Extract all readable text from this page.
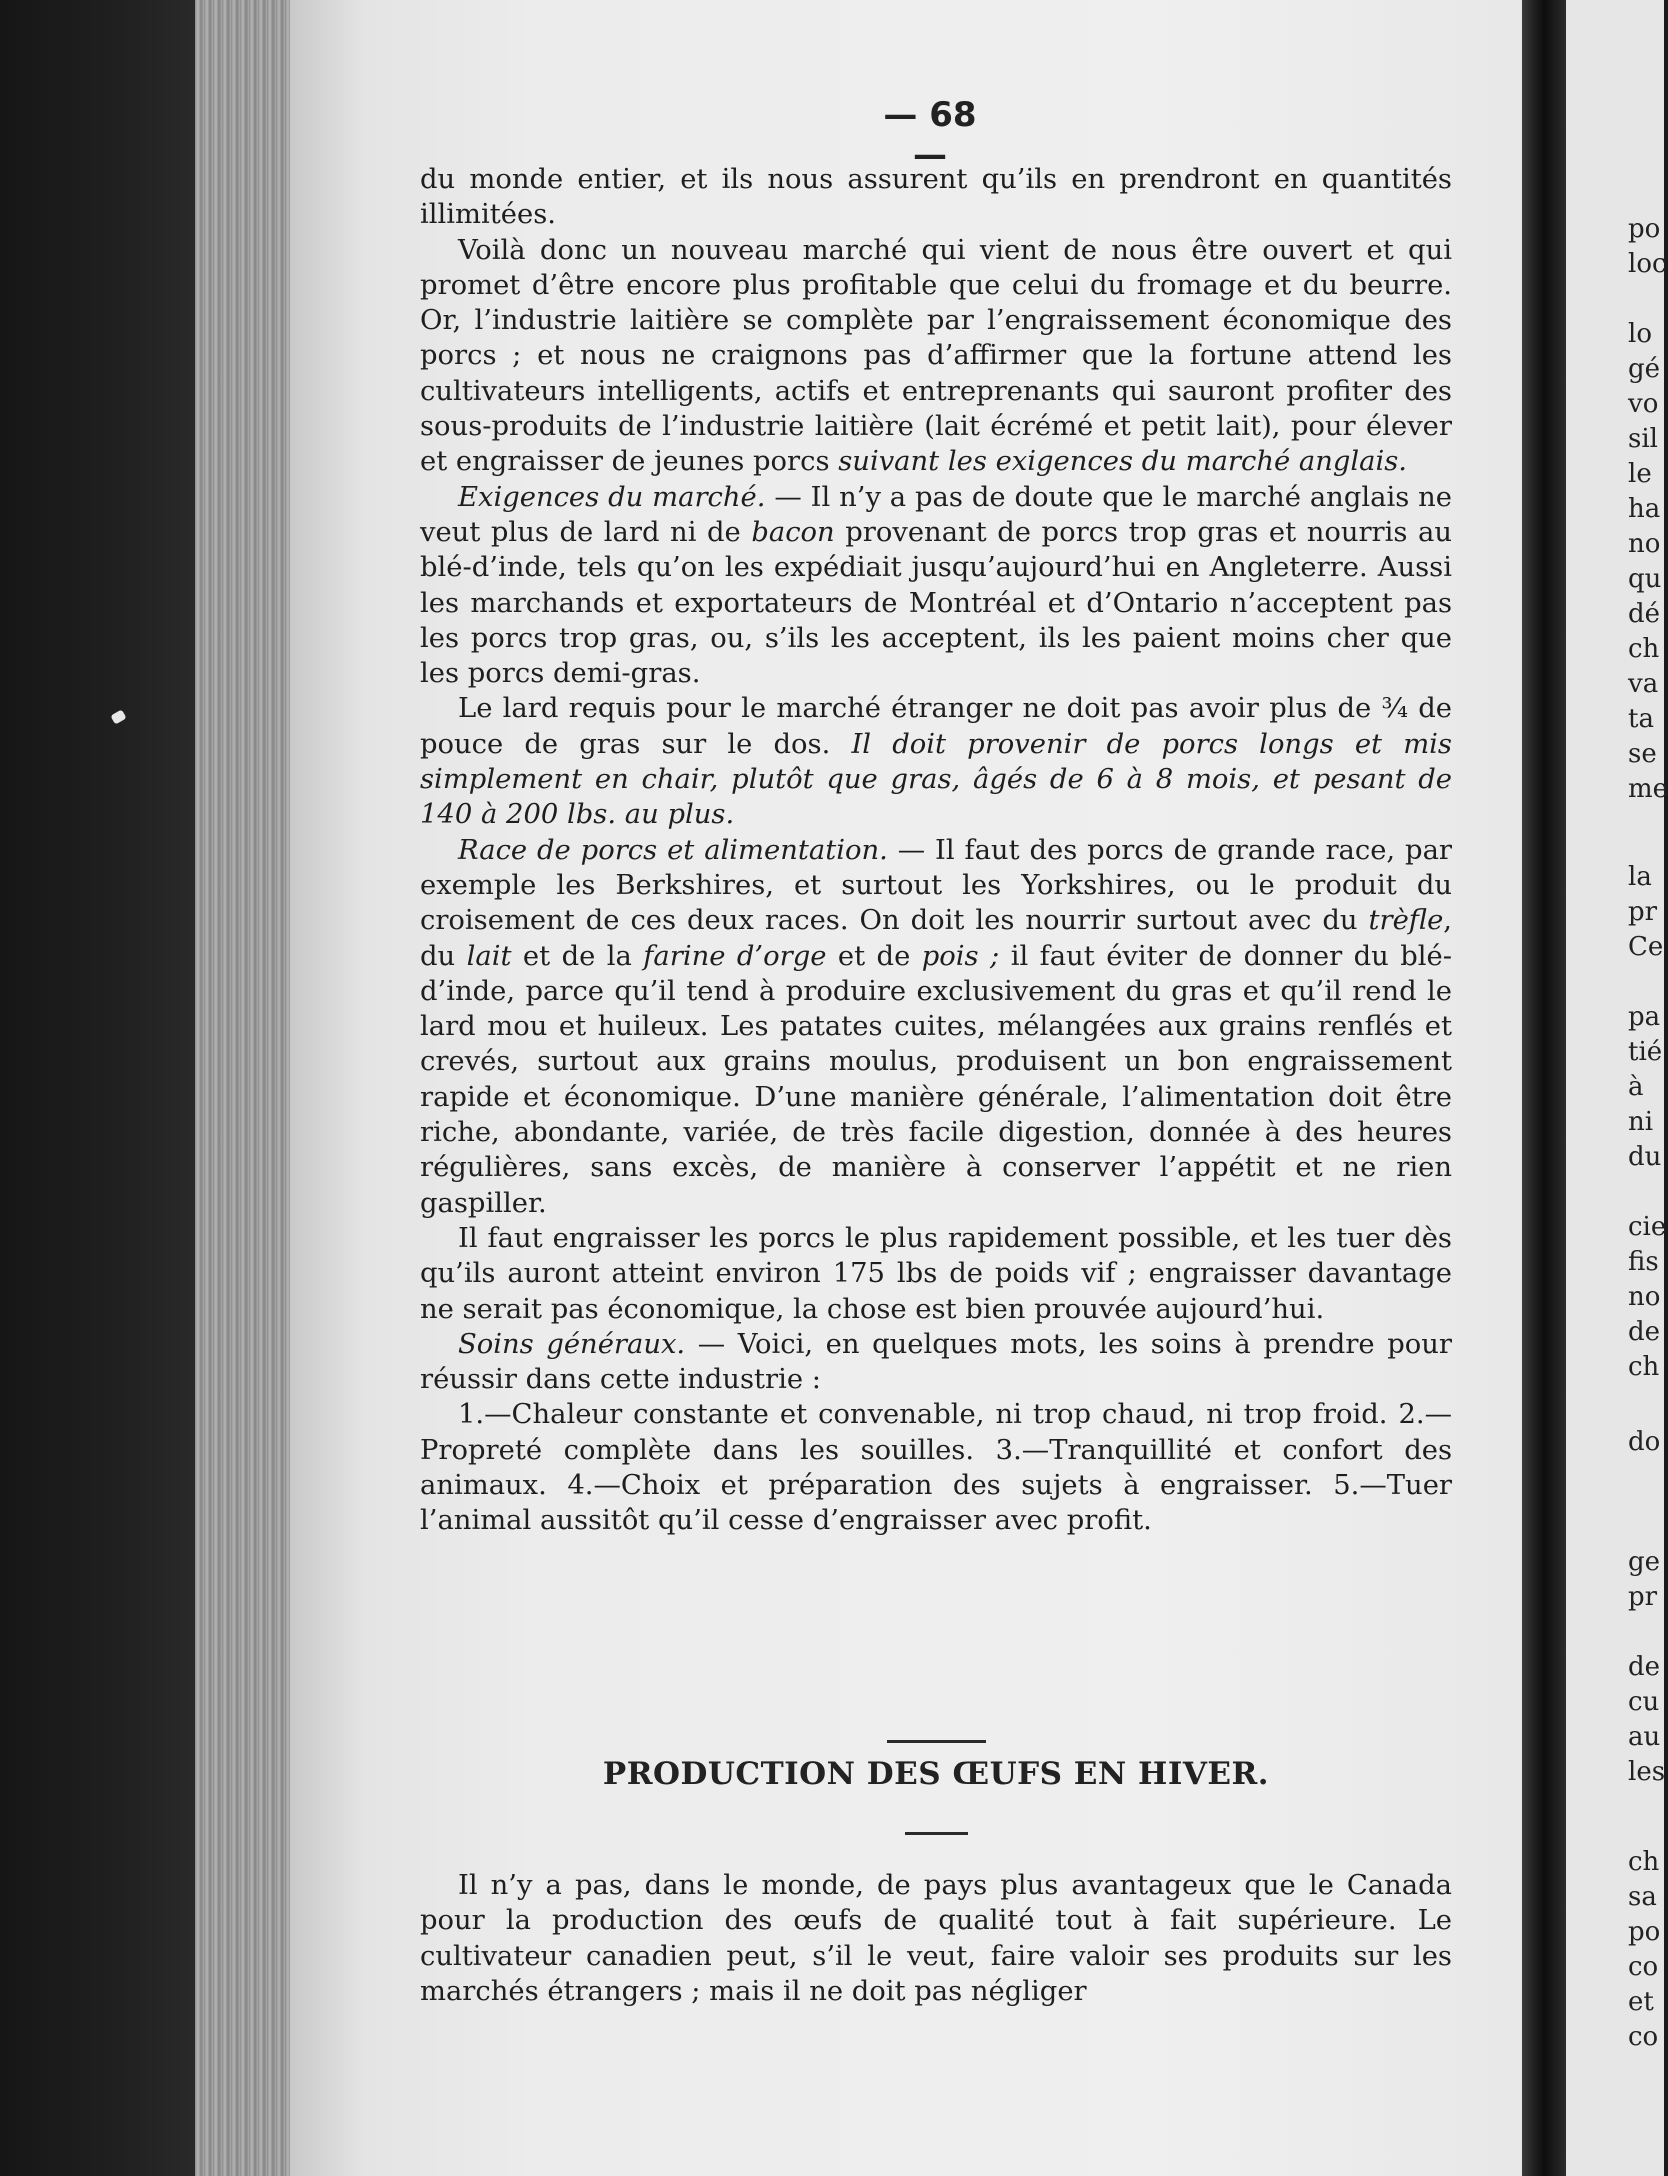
— 68 —

du monde entier, et ils nous assurent qu’ils en prendront en quantités illimitées.

Voilà donc un nouveau marché qui vient de nous être ouvert et qui promet d’être encore plus profitable que celui du fromage et du beurre. Or, l’industrie laitière se complète par l’engraissement économique des porcs ; et nous ne craignons pas d’affirmer que la fortune attend les cultivateurs intelligents, actifs et entreprenants qui sauront profiter des sous-produits de l’industrie laitière (lait écrémé et petit lait), pour élever et engraisser de jeunes porcs suivant les exigences du marché anglais.

Exigences du marché. — Il n’y a pas de doute que le marché anglais ne veut plus de lard ni de bacon provenant de porcs trop gras et nourris au blé-d’inde, tels qu’on les expédiait jusqu’aujourd’hui en Angleterre. Aussi les marchands et exportateurs de Montréal et d’Ontario n’acceptent pas les porcs trop gras, ou, s’ils les acceptent, ils les paient moins cher que les porcs demi-gras.

Le lard requis pour le marché étranger ne doit pas avoir plus de ¾ de pouce de gras sur le dos. Il doit provenir de porcs longs et mis simplement en chair, plutôt que gras, âgés de 6 à 8 mois, et pesant de 140 à 200 lbs. au plus.

Race de porcs et alimentation. — Il faut des porcs de grande race, par exemple les Berkshires, et surtout les Yorkshires, ou le produit du croisement de ces deux races. On doit les nourrir surtout avec du trèfle, du lait et de la farine d’orge et de pois ; il faut éviter de donner du blé-d’inde, parce qu’il tend à produire exclusivement du gras et qu’il rend le lard mou et huileux. Les patates cuites, mélangées aux grains renflés et crevés, surtout aux grains moulus, produisent un bon engraissement rapide et économique. D’une manière générale, l’alimentation doit être riche, abondante, variée, de très facile digestion, donnée à des heures régulières, sans excès, de manière à conserver l’appétit et ne rien gaspiller.

Il faut engraisser les porcs le plus rapidement possible, et les tuer dès qu’ils auront atteint environ 175 lbs de poids vif ; engraisser davantage ne serait pas économique, la chose est bien prouvée aujourd’hui.

Soins généraux. — Voici, en quelques mots, les soins à prendre pour réussir dans cette industrie :

1.—Chaleur constante et convenable, ni trop chaud, ni trop froid. 2.—Propreté complète dans les souilles. 3.—Tranquillité et confort des animaux. 4.—Choix et préparation des sujets à engraisser. 5.—Tuer l’animal aussitôt qu’il cesse d’engraisser avec profit.

PRODUCTION DES ŒUFS EN HIVER.

Il n’y a pas, dans le monde, de pays plus avantageux que le Canada pour la production des œufs de qualité tout à fait supérieure. Le cultivateur canadien peut, s’il le veut, faire valoir ses produits sur les marchés étrangers ; mais il ne doit pas négliger

po
loc
lo
gé
vo
sil
le
ha
no
qu
dé
ch
va
ta
se
me
la
pr
Ce
pa
tié
à
ni
du
cie
fis
no
de
ch
do
ge
pr
de
cu
au
les
ch
sa
po
co
et
co
